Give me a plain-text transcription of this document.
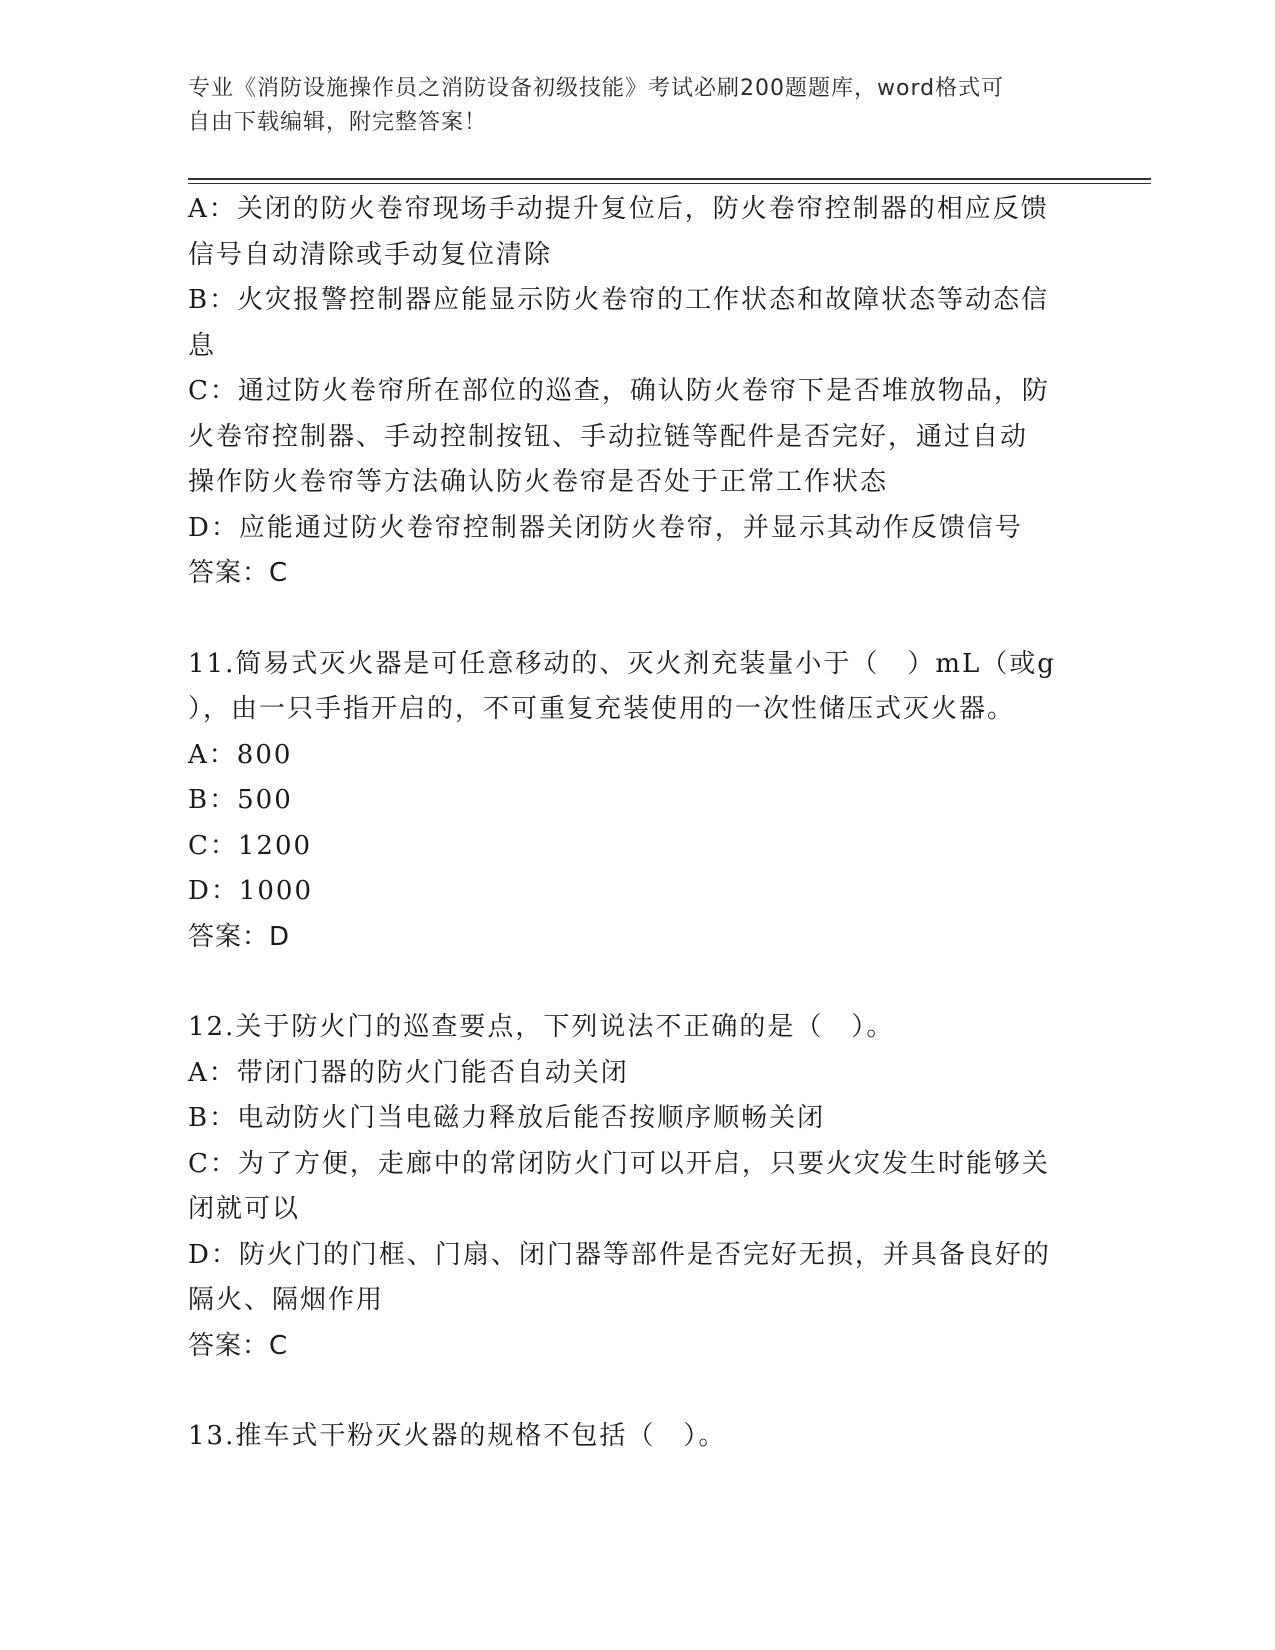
专业《消防设施操作员之消防设备初级技能》考试必刷200题题库，word格式可
自由下载编辑，附完整答案！

A：关闭的防火卷帘现场手动提升复位后，防火卷帘控制器的相应反馈

信号自动清除或手动复位清除

B：火灾报警控制器应能显示防火卷帘的工作状态和故障状态等动态信

息

C：通过防火卷帘所在部位的巡查，确认防火卷帘下是否堆放物品，防

火卷帘控制器、手动控制按钮、手动拉链等配件是否完好，通过自动

操作防火卷帘等方法确认防火卷帘是否处于正常工作状态

D：应能通过防火卷帘控制器关闭防火卷帘，并显示其动作反馈信号

答案：C

11.简易式灭火器是可任意移动的、灭火剂充装量小于（　）mL（或g

），由一只手指开启的，不可重复充装使用的一次性储压式灭火器。

A：800

B：500

C：1200

D：1000

答案：D

12.关于防火门的巡查要点，下列说法不正确的是（　）。

A：带闭门器的防火门能否自动关闭

B：电动防火门当电磁力释放后能否按顺序顺畅关闭

C：为了方便，走廊中的常闭防火门可以开启，只要火灾发生时能够关

闭就可以

D：防火门的门框、门扇、闭门器等部件是否完好无损，并具备良好的

隔火、隔烟作用

答案：C

13.推车式干粉灭火器的规格不包括（　）。
